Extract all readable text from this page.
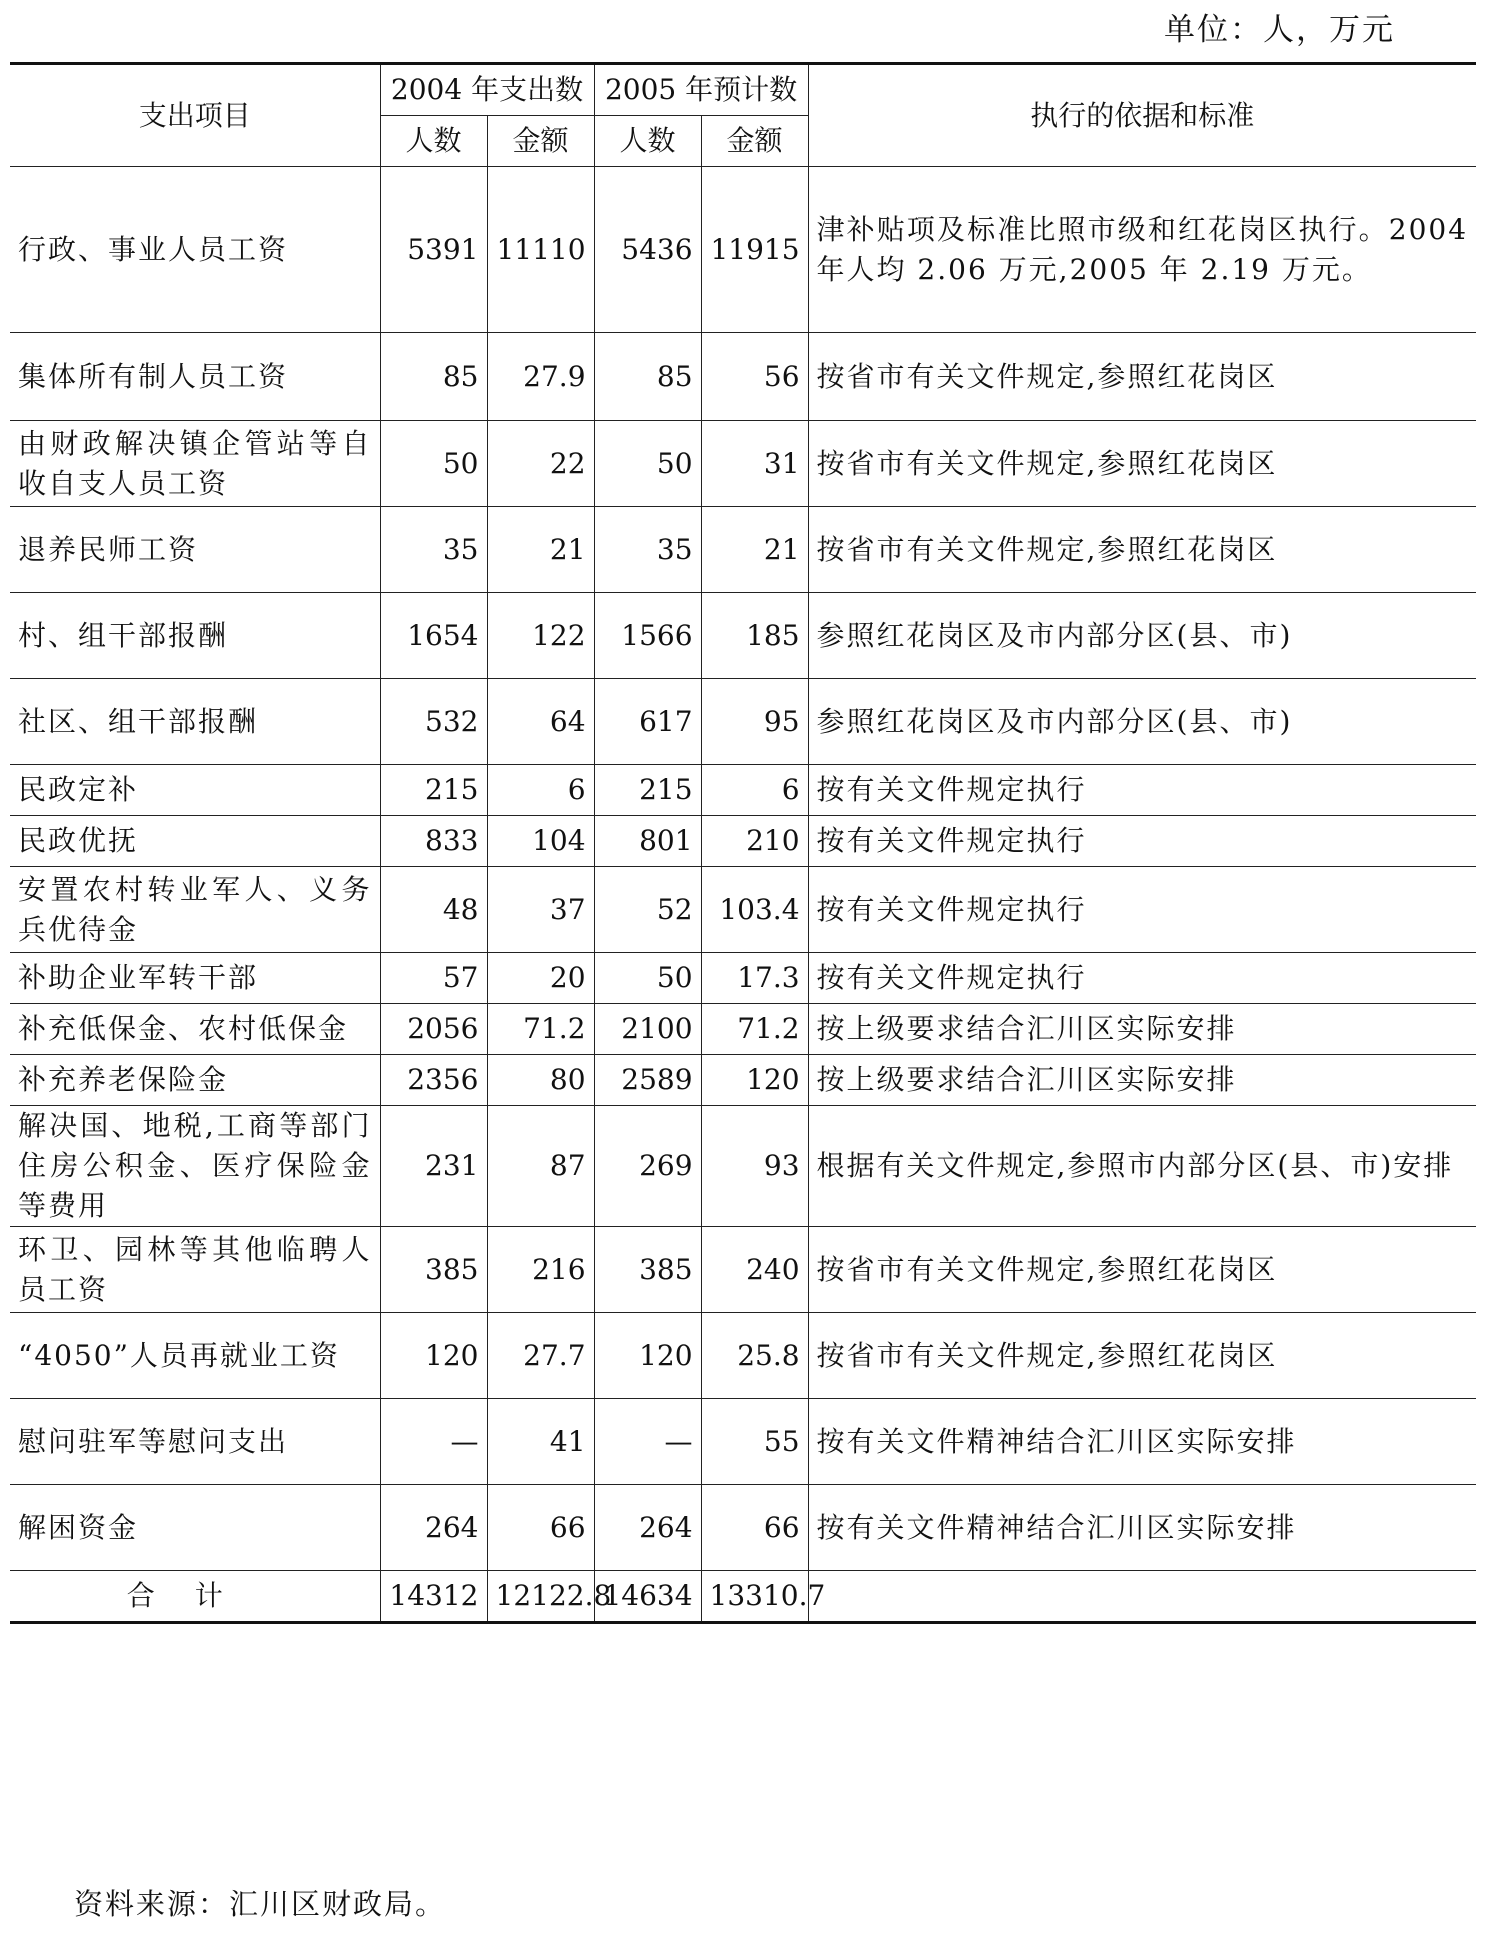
单位：人，万元
支出项目	2004 年支出数		2005 年预计数		执行的依据和标准
	人数	金额	人数	金额	
行政、事业人员工资	5391	11110	5436	11915	津补贴项及标准比照市级和红花岗区执行。2004 年人均 2.06 万元,2005 年 2.19 万元。
集体所有制人员工资	85	27.9	85	56	按省市有关文件规定,参照红花岗区
由财政解决镇企管站等自收自支人员工资	50	22	50	31	按省市有关文件规定,参照红花岗区
退养民师工资	35	21	35	21	按省市有关文件规定,参照红花岗区
村、组干部报酬	1654	122	1566	185	参照红花岗区及市内部分区(县、市)
社区、组干部报酬	532	64	617	95	参照红花岗区及市内部分区(县、市)
民政定补	215	6	215	6	按有关文件规定执行
民政优抚	833	104	801	210	按有关文件规定执行
安置农村转业军人、义务兵优待金	48	37	52	103.4	按有关文件规定执行
补助企业军转干部	57	20	50	17.3	按有关文件规定执行
补充低保金、农村低保金	2056	71.2	2100	71.2	按上级要求结合汇川区实际安排
补充养老保险金	2356	80	2589	120	按上级要求结合汇川区实际安排
解决国、地税,工商等部门住房公积金、医疗保险金等费用	231	87	269	93	根据有关文件规定,参照市内部分区(县、市)安排
环卫、园林等其他临聘人员工资	385	216	385	240	按省市有关文件规定,参照红花岗区
“4050”人员再就业工资	120	27.7	120	25.8	按省市有关文件规定,参照红花岗区
慰问驻军等慰问支出	—	41	—	55	按有关文件精神结合汇川区实际安排
解困资金	264	66	264	66	按有关文件精神结合汇川区实际安排
合计	14312	12122.8	14634	13310.7	
资料来源：汇川区财政局。
